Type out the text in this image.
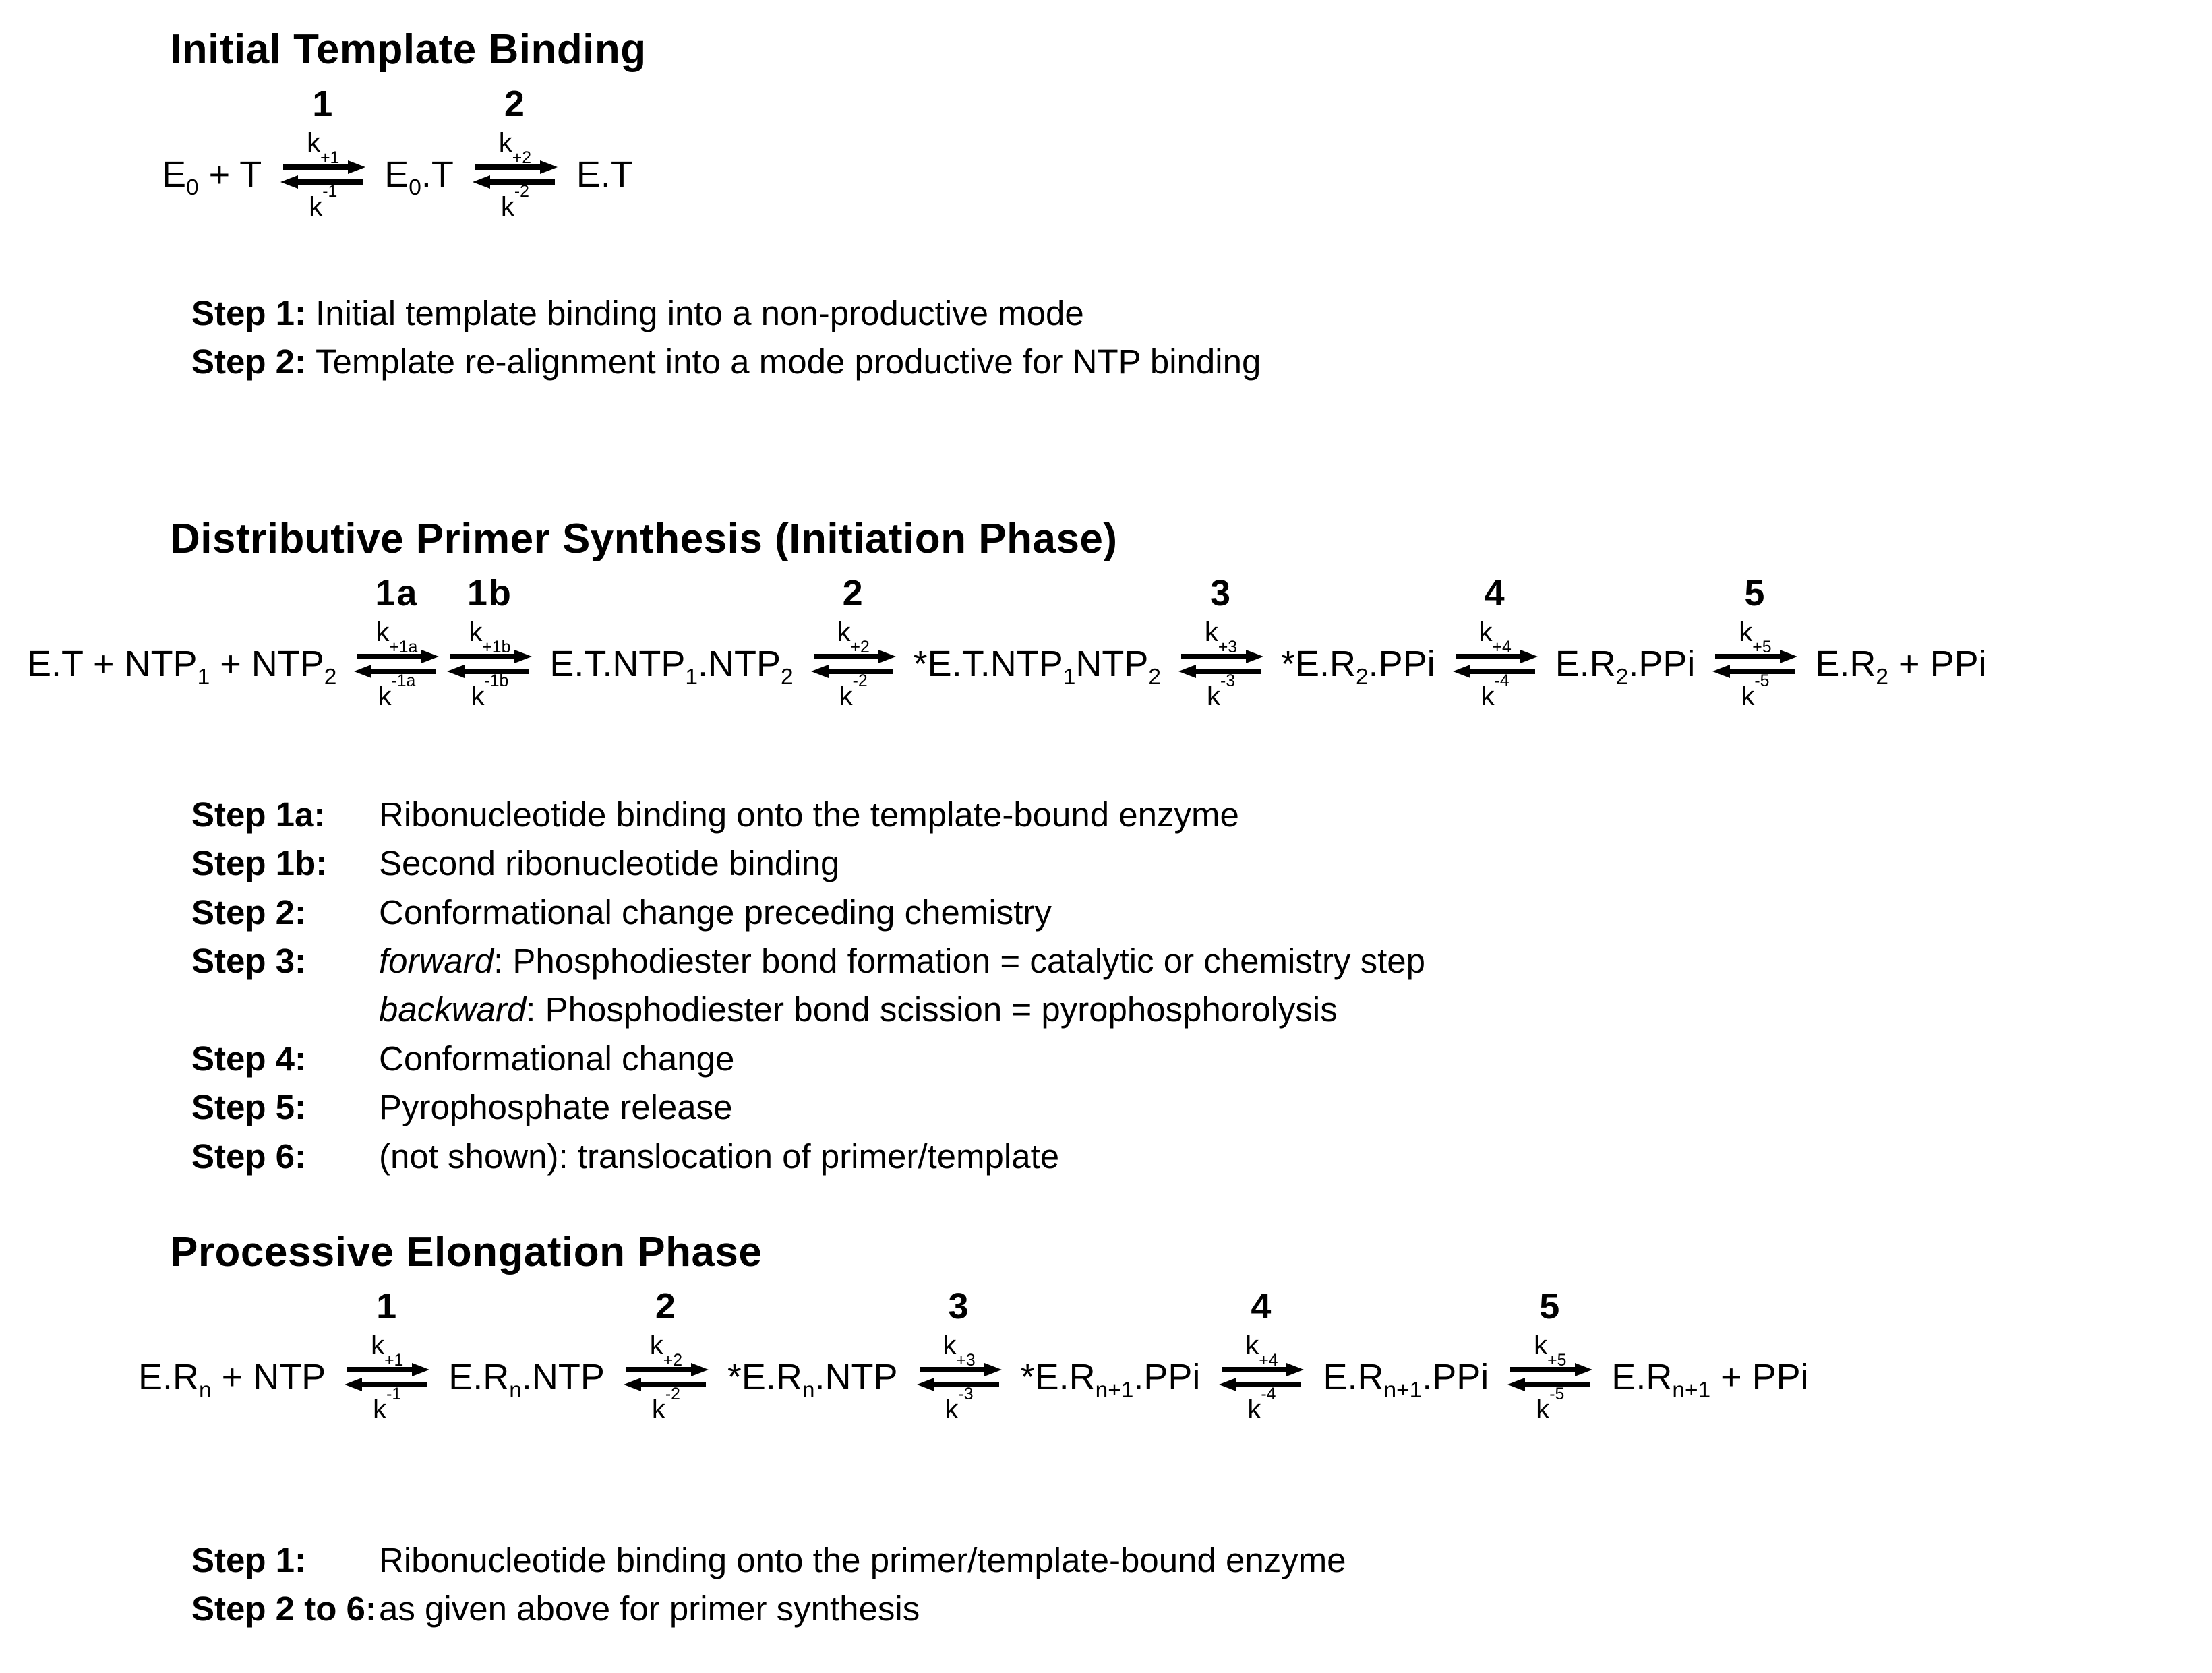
Initial Template Binding
$E_0 + T$
1
k
+1
k
-1 $E_0.T$
2
k
+2
k
-2 E.T

Step 1: Initial template binding into a non-productive mode

Step 2: Template re-alignment into a mode productive for NTP binding

Distributive Primer Synthesis (Initiation Phase)
$E.T + NTP_1 + NTP_2$
1a
k
+1a
k
-1a
1b
k
+1b
k
-1b $E.T.NTP_1.NTP_2$
2
k
+2
k
-2 $*E.T.NTP_1NTP_2$
3
k
+3
k
-3 $*E.R_2.PPi$
4
k
+4
k
-4 $E.R_2.PPi$
5
k
+5
k
-5 $E.R_2$ + PPi

Step 1a:	Ribonucleotide binding onto the template-bound enzyme

Step 1b:	Second ribonucleotide binding

Step 2:	Conformational change preceding chemistry

Step 3:	forward: Phosphodiester bond formation = catalytic or chemistry step

backward: Phosphodiester bond scission = pyrophosphorolysis

Step 4:	Conformational change

Step 5:	Pyrophosphate release

Step 6:	(not shown): translocation of primer/template

Processive Elongation Phase
$E.R_n$ + NTP
1
k
+1
k
-1 $E.R_n.NTP$
2
k
+2
k
-2 $*E.R_n.NTP$
3
k
+3
k
-3 $*E.R_{n+1}.PPi$
4
k
+4
k
-4 $E.R_{n+1}.PPi$
5
k
+5
k
-5 $E.R_{n+1}$ + PPi

Step 1:	Ribonucleotide binding onto the primer/template-bound enzyme

Step 2 to 6: as given above for primer synthesis
